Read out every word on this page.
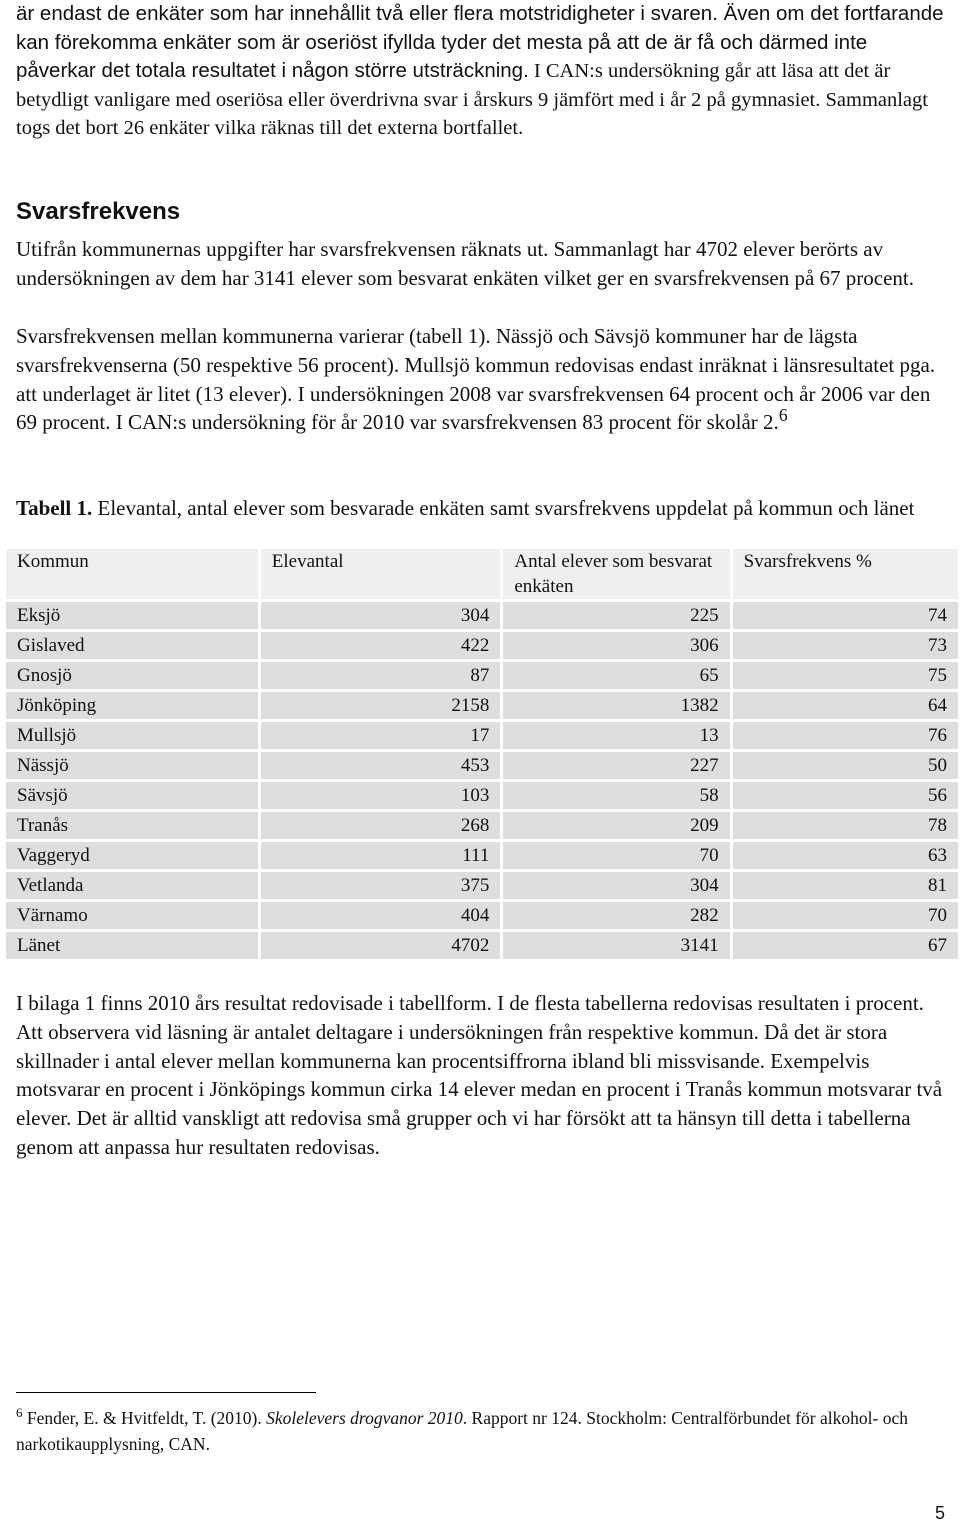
är endast de enkäter som har innehållit två eller flera motstridigheter i svaren. Även om det fortfarande kan förekomma enkäter som är oseriöst ifyllda tyder det mesta på att de är få och därmed inte påverkar det totala resultatet i någon större utsträckning. I CAN:s undersökning går att läsa att det är betydligt vanligare med oseriösa eller överdrivna svar i årskurs 9 jämfört med i år 2 på gymnasiet. Sammanlagt togs det bort 26 enkäter vilka räknas till det externa bortfallet.

Svarsfrekvens

Utifrån kommunernas uppgifter har svarsfrekvensen räknats ut. Sammanlagt har 4702 elever berörts av undersökningen av dem har 3141 elever som besvarat enkäten vilket ger en svarsfrekvensen på 67 procent.

Svarsfrekvensen mellan kommunerna varierar (tabell 1). Nässjö och Sävsjö kommuner har de lägsta svarsfrekvenserna (50 respektive 56 procent). Mullsjö kommun redovisas endast inräknat i länsresultatet pga. att underlaget är litet (13 elever). I undersökningen 2008 var svarsfrekvensen 64 procent och år 2006 var den 69 procent. I CAN:s undersökning för år 2010 var svarsfrekvensen 83 procent för skolår 2.$^6$

Tabell 1. Elevantal, antal elever som besvarade enkäten samt svarsfrekvens uppdelat på kommun och länet

Kommun	Elevantal	Antal elever som besvarat enkäten	Svarsfrekvens %
Eksjö	304	225	74
Gislaved	422	306	73
Gnosjö	87	65	75
Jönköping	2158	1382	64
Mullsjö	17	13	76
Nässjö	453	227	50
Sävsjö	103	58	56
Tranås	268	209	78
Vaggeryd	111	70	63
Vetlanda	375	304	81
Värnamo	404	282	70
Länet	4702	3141	67

I bilaga 1 finns 2010 års resultat redovisade i tabellform. I de flesta tabellerna redovisas resultaten i procent. Att observera vid läsning är antalet deltagare i undersökningen från respektive kommun. Då det är stora skillnader i antal elever mellan kommunerna kan procentsiffrorna ibland bli missvisande. Exempelvis motsvarar en procent i Jönköpings kommun cirka 14 elever medan en procent i Tranås kommun motsvarar två elever. Det är alltid vanskligt att redovisa små grupper och vi har försökt att ta hänsyn till detta i tabellerna genom att anpassa hur resultaten redovisas.

$^6$ Fender, E. & Hvitfeldt, T. (2010). Skolelevers drogvanor 2010. Rapport nr 124. Stockholm: Centralförbundet för alkohol- och narkotikaupplysning, CAN.

5
